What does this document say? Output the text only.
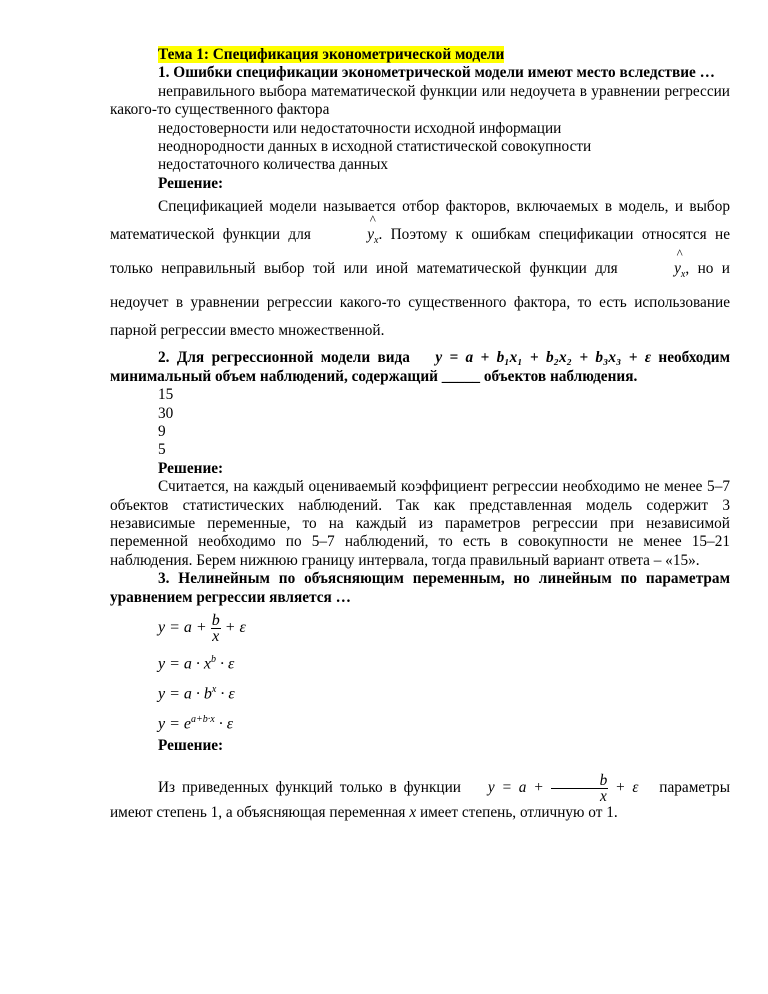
Тема 1: Спецификация эконометрической модели

1. Ошибки спецификации эконометрической модели имеют место вследствие …

неправильного выбора математической функции или недоучета в уравнении регрессии какого-то существенного фактора

недостоверности или недостаточности исходной информации

неоднородности данных в исходной статистической совокупности

недостаточного количества данных

Решение:

Спецификацией модели называется отбор факторов, включаемых в модель, и выбор математической функции для
^
$y_x$. Поэтому к ошибкам спецификации относятся не только неправильный выбор той или иной математической функции для
^
$y_x$, но и недоучет в уравнении регрессии какого-то существенного фактора, то есть использование парной регрессии вместо множественной.

2. Для регрессионной модели вида y = a + b₁x₁ + b₂x₂ + b₃x₃ + ε необходим минимальный объем наблюдений, содержащий _____ объектов наблюдения.

15

30

9

5

Решение:

Считается, на каждый оцениваемый коэффициент регрессии необходимо не менее 5–7 объектов статистических наблюдений. Так как представленная модель содержит 3 независимые переменные, то на каждый из параметров регрессии при независимой переменной необходимо по 5–7 наблюдений, то есть в совокупности не менее 15–21 наблюдения. Берем нижнюю границу интервала, тогда правильный вариант ответа – «15».

3. Нелинейным по объясняющим переменным, но линейным по параметрам уравнением регрессии является …

$y = a + \frac{b}{x} + \varepsilon$
$y = a \cdot x^b \cdot \varepsilon$
$y = a \cdot b^x \cdot \varepsilon$
$y = e^{a+b\cdot x} \cdot \varepsilon$

Решение:

Из приведенных функций только в функции $y = a + \frac{b}{x} + \varepsilon$ параметры имеют степень 1, а объясняющая переменная x имеет степень, отличную от 1.
